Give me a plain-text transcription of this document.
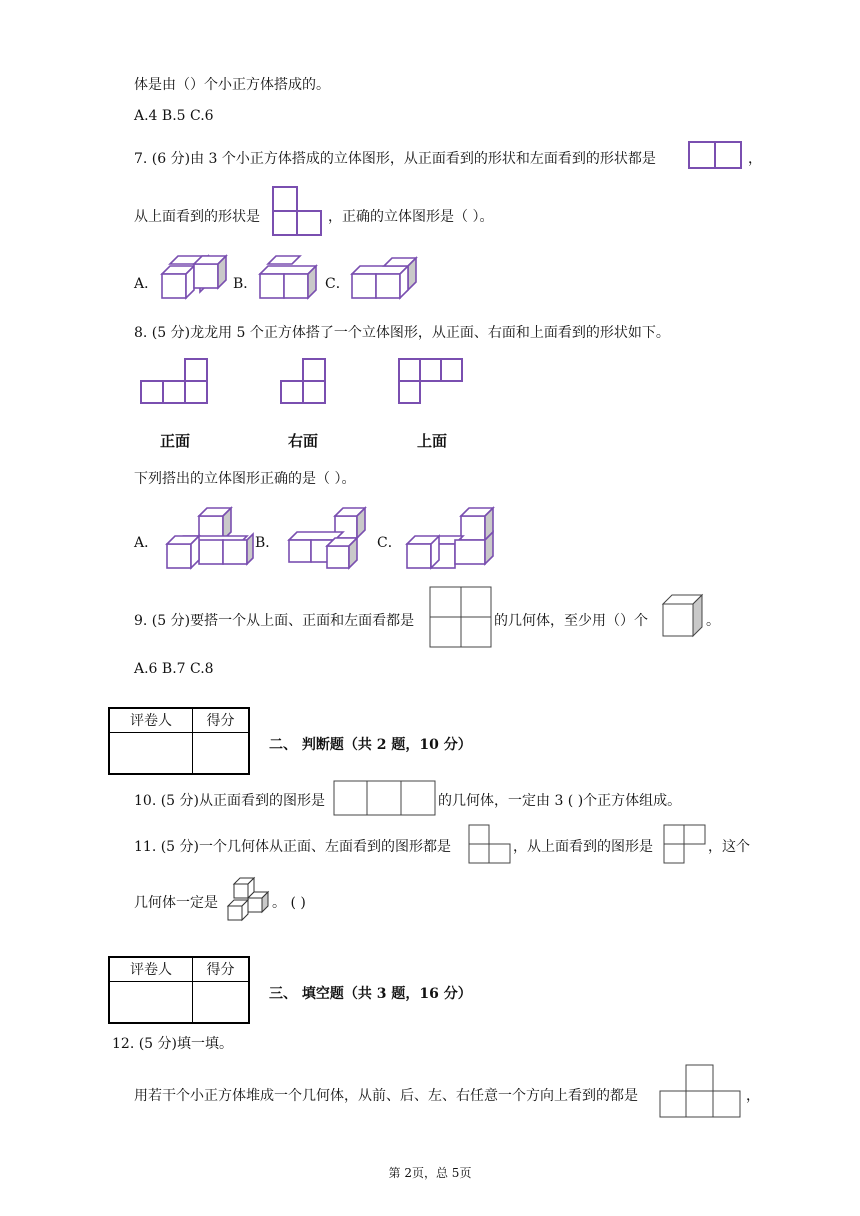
体是由（）个小正方体搭成的。
A.4 B.5 C.6
7. (6 分)由 3 个小正方体搭成的立体图形，从正面看到的形状和左面看到的形状都是	，
从上面看到的形状是	，正确的立体图形是（ ）。
A．	B．	C．
8. (5 分)龙龙用 5 个正方体搭了一个立体图形，从正面、右面和上面看到的形状如下。
正面	右面	上面
下列搭出的立体图形正确的是（ ）。
A．	B．	C．
9. (5 分)要搭一个从上面、正面和左面看都是	的几何体，至少用（）个	。
A.6 B.7 C.8
评卷人	得分

二、 判断题（共 2 题，10 分）
10. (5 分)从正面看到的图形是	的几何体，一定由 3 ( )个正方体组成。
11. (5 分)一个几何体从正面、左面看到的图形都是	，从上面看到的图形是	，这个
几何体一定是	。 ( )
评卷人	得分

三、 填空题（共 3 题，16 分）
12. (5 分)填一填。
用若干个小正方体堆成一个几何体，从前、后、左、右任意一个方向上看到的都是	，
第 2页，总 5页
